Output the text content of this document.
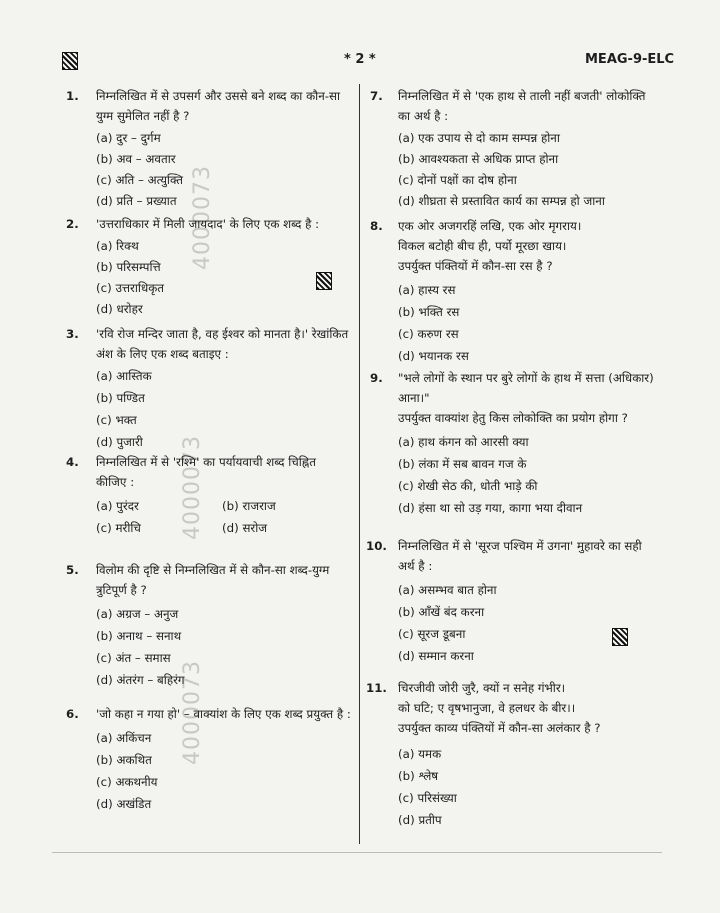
* 2 *	MEAG-9-ELC
4000073
4000073
4000073
1. निम्नलिखित में से उपसर्ग और उससे बने शब्द का कौन-सा
युग्म सुमेलित नहीं है ?
(a) दुर – दुर्गम
(b) अव – अवतार
(c) अति – अत्युक्ति
(d) प्रति – प्रख्यात
2. 'उत्तराधिकार में मिली जायदाद' के लिए एक शब्द है :
(a) रिक्थ
(b) परिसम्पत्ति
(c) उत्तराधिकृत
(d) धरोहर
3. 'रवि रोज मन्दिर जाता है, वह ईश्वर को मानता है।' रेखांकित
अंश के लिए एक शब्द बताइए :
(a) आस्तिक
(b) पण्डित
(c) भक्त
(d) पुजारी
4. निम्नलिखित में से 'रश्मि' का पर्यायवाची शब्द चिह्नित
कीजिए :
(a) पुरंदर	(b) राजराज
(c) मरीचि	(d) सरोज
5. विलोम की दृष्टि से निम्नलिखित में से कौन-सा शब्द-युग्म
त्रुटिपूर्ण है ?
(a) अग्रज – अनुज
(b) अनाथ – सनाथ
(c) अंत – समास
(d) अंतरंग – बहिरंग
6. 'जो कहा न गया हो' – वाक्यांश के लिए एक शब्द प्रयुक्त है :
(a) अकिंचन
(b) अकथित
(c) अकथनीय
(d) अखंडित
7. निम्नलिखित में से 'एक हाथ से ताली नहीं बजती' लोकोक्ति
का अर्थ है :
(a) एक उपाय से दो काम सम्पन्न होना
(b) आवश्यकता से अधिक प्राप्त होना
(c) दोनों पक्षों का दोष होना
(d) शीघ्रता से प्रस्तावित कार्य का सम्पन्न हो जाना
8. एक ओर अजगरहिं लखि, एक ओर मृगराय।
विकल बटोही बीच ही, पर्यो मूरछा खाय।
उपर्युक्त पंक्तियों में कौन-सा रस है ?
(a) हास्य रस
(b) भक्ति रस
(c) करुण रस
(d) भयानक रस
9. "भले लोगों के स्थान पर बुरे लोगों के हाथ में सत्ता (अधिकार)
आना।"
उपर्युक्त वाक्यांश हेतु किस लोकोक्ति का प्रयोग होगा ?
(a) हाथ कंगन को आरसी क्या
(b) लंका में सब बावन गज के
(c) शेखी सेठ की, धोती भाड़े की
(d) हंसा था सो उड़ गया, कागा भया दीवान
10. निम्नलिखित में से 'सूरज पश्चिम में उगना' मुहावरे का सही
अर्थ है :
(a) असम्भव बात होना
(b) आँखें बंद करना
(c) सूरज डूबना
(d) सम्मान करना
11. चिरजीवी जोरी जुरै, क्यों न सनेह गंभीर।
को घटि; ए वृषभानुजा, वे हलधर के बीर।।
उपर्युक्त काव्य पंक्तियों में कौन-सा अलंकार है ?
(a) यमक
(b) श्लेष
(c) परिसंख्या
(d) प्रतीप
